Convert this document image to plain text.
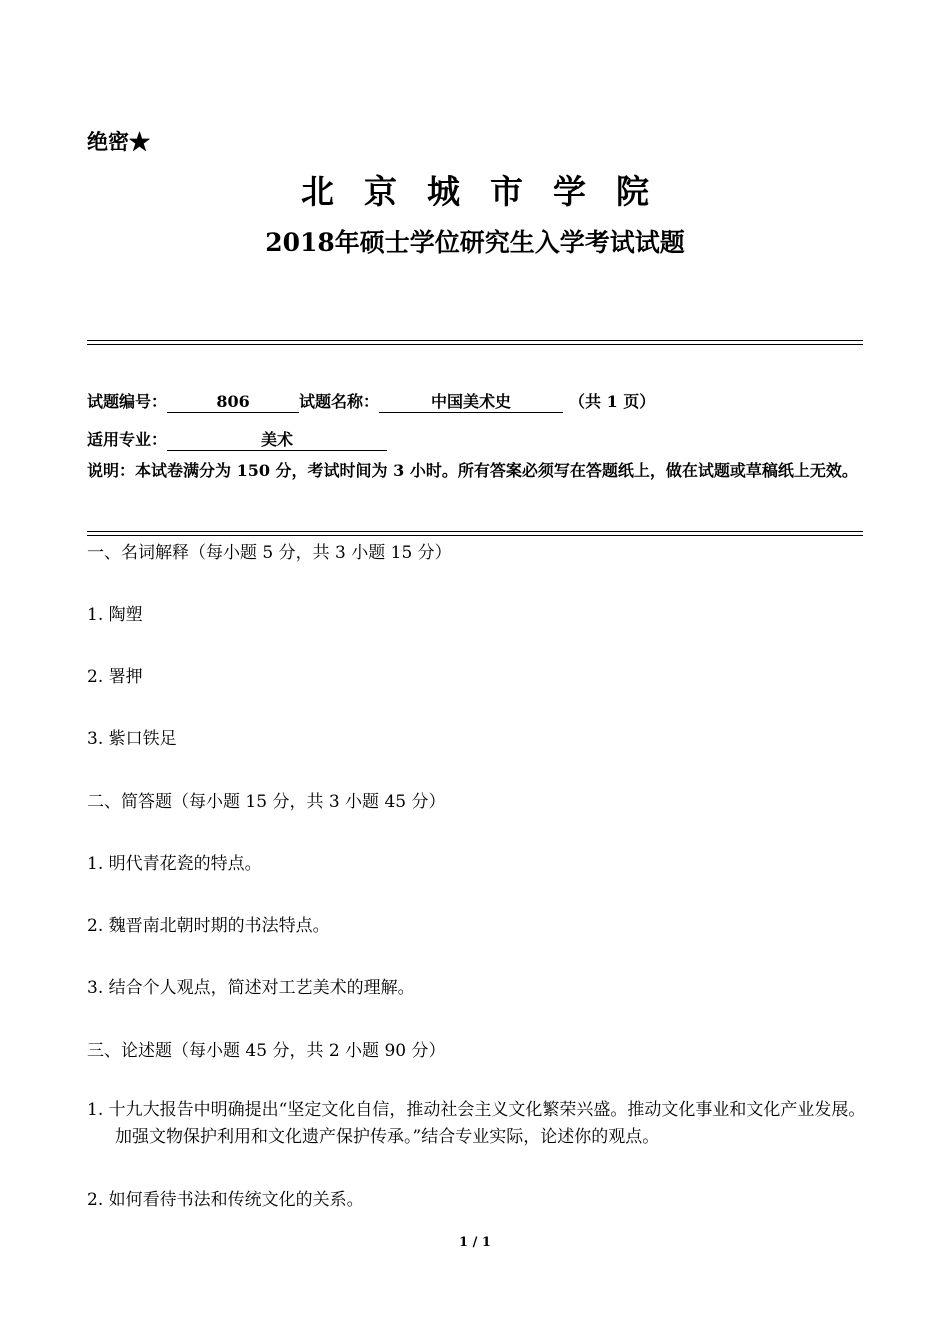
绝密★
北京城市学院
2018年硕士学位研究生入学考试试题
试题编号：	806	试题名称：	中国美术史	（共 1 页）
适用专业：	美术
说明：本试卷满分为 150 分，考试时间为 3 小时。所有答案必须写在答题纸上，做在试题或草稿纸上无效。
一、名词解释（每小题 5 分，共 3 小题 15 分）
1. 陶塑
2. 署押
3. 紫口铁足
二、简答题（每小题 15 分，共 3 小题 45 分）
1. 明代青花瓷的特点。
2. 魏晋南北朝时期的书法特点。
3. 结合个人观点，简述对工艺美术的理解。
三、论述题（每小题 45 分，共 2 小题 90 分）
1. 十九大报告中明确提出“坚定文化自信，推动社会主义文化繁荣兴盛。推动文化事业和文化产业发展。加强文物保护利用和文化遗产保护传承。”结合专业实际，论述你的观点。
2. 如何看待书法和传统文化的关系。
1 / 1
